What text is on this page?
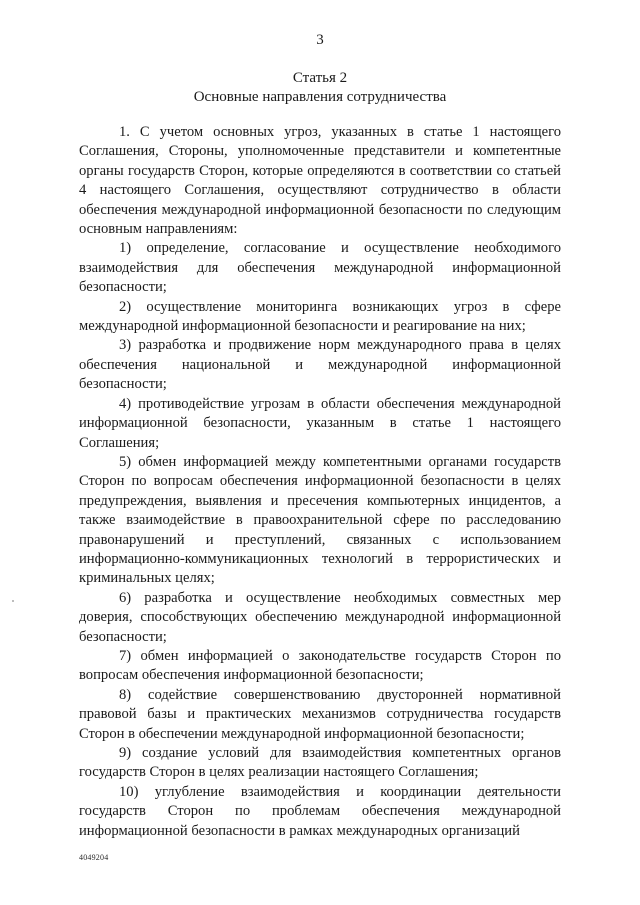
3
Статья 2
Основные направления сотрудничества

1. С учетом основных угроз, указанных в статье 1 настоящего Соглашения, Стороны, уполномоченные представители и компетентные органы государств Сторон, которые определяются в соответствии со статьей 4 настоящего Соглашения, осуществляют сотрудничество в области обеспечения международной информационной безопасности по следующим основным направлениям:

1) определение, согласование и осуществление необходимого взаимодействия для обеспечения международной информационной безопасности;

2) осуществление мониторинга возникающих угроз в сфере международной информационной безопасности и реагирование на них;

3) разработка и продвижение норм международного права в целях обеспечения национальной и международной информационной безопасности;

4) противодействие угрозам в области обеспечения международной информационной безопасности, указанным в статье 1 настоящего Соглашения;

5) обмен информацией между компетентными органами государств Сторон по вопросам обеспечения информационной безопасности в целях предупреждения, выявления и пресечения компьютерных инцидентов, а также взаимодействие в правоохранительной сфере по расследованию правонарушений и преступлений, связанных с использованием информационно-коммуникационных технологий в террористических и криминальных целях;

6) разработка и осуществление необходимых совместных мер доверия, способствующих обеспечению международной информационной безопасности;

7) обмен информацией о законодательстве государств Сторон по вопросам обеспечения информационной безопасности;

8) содействие совершенствованию двусторонней нормативной правовой базы и практических механизмов сотрудничества государств Сторон в обеспечении международной информационной безопасности;

9) создание условий для взаимодействия компетентных органов государств Сторон в целях реализации настоящего Соглашения;

10) углубление взаимодействия и координации деятельности государств Сторон по проблемам обеспечения международной информационной безопасности в рамках международных организаций

4049204
